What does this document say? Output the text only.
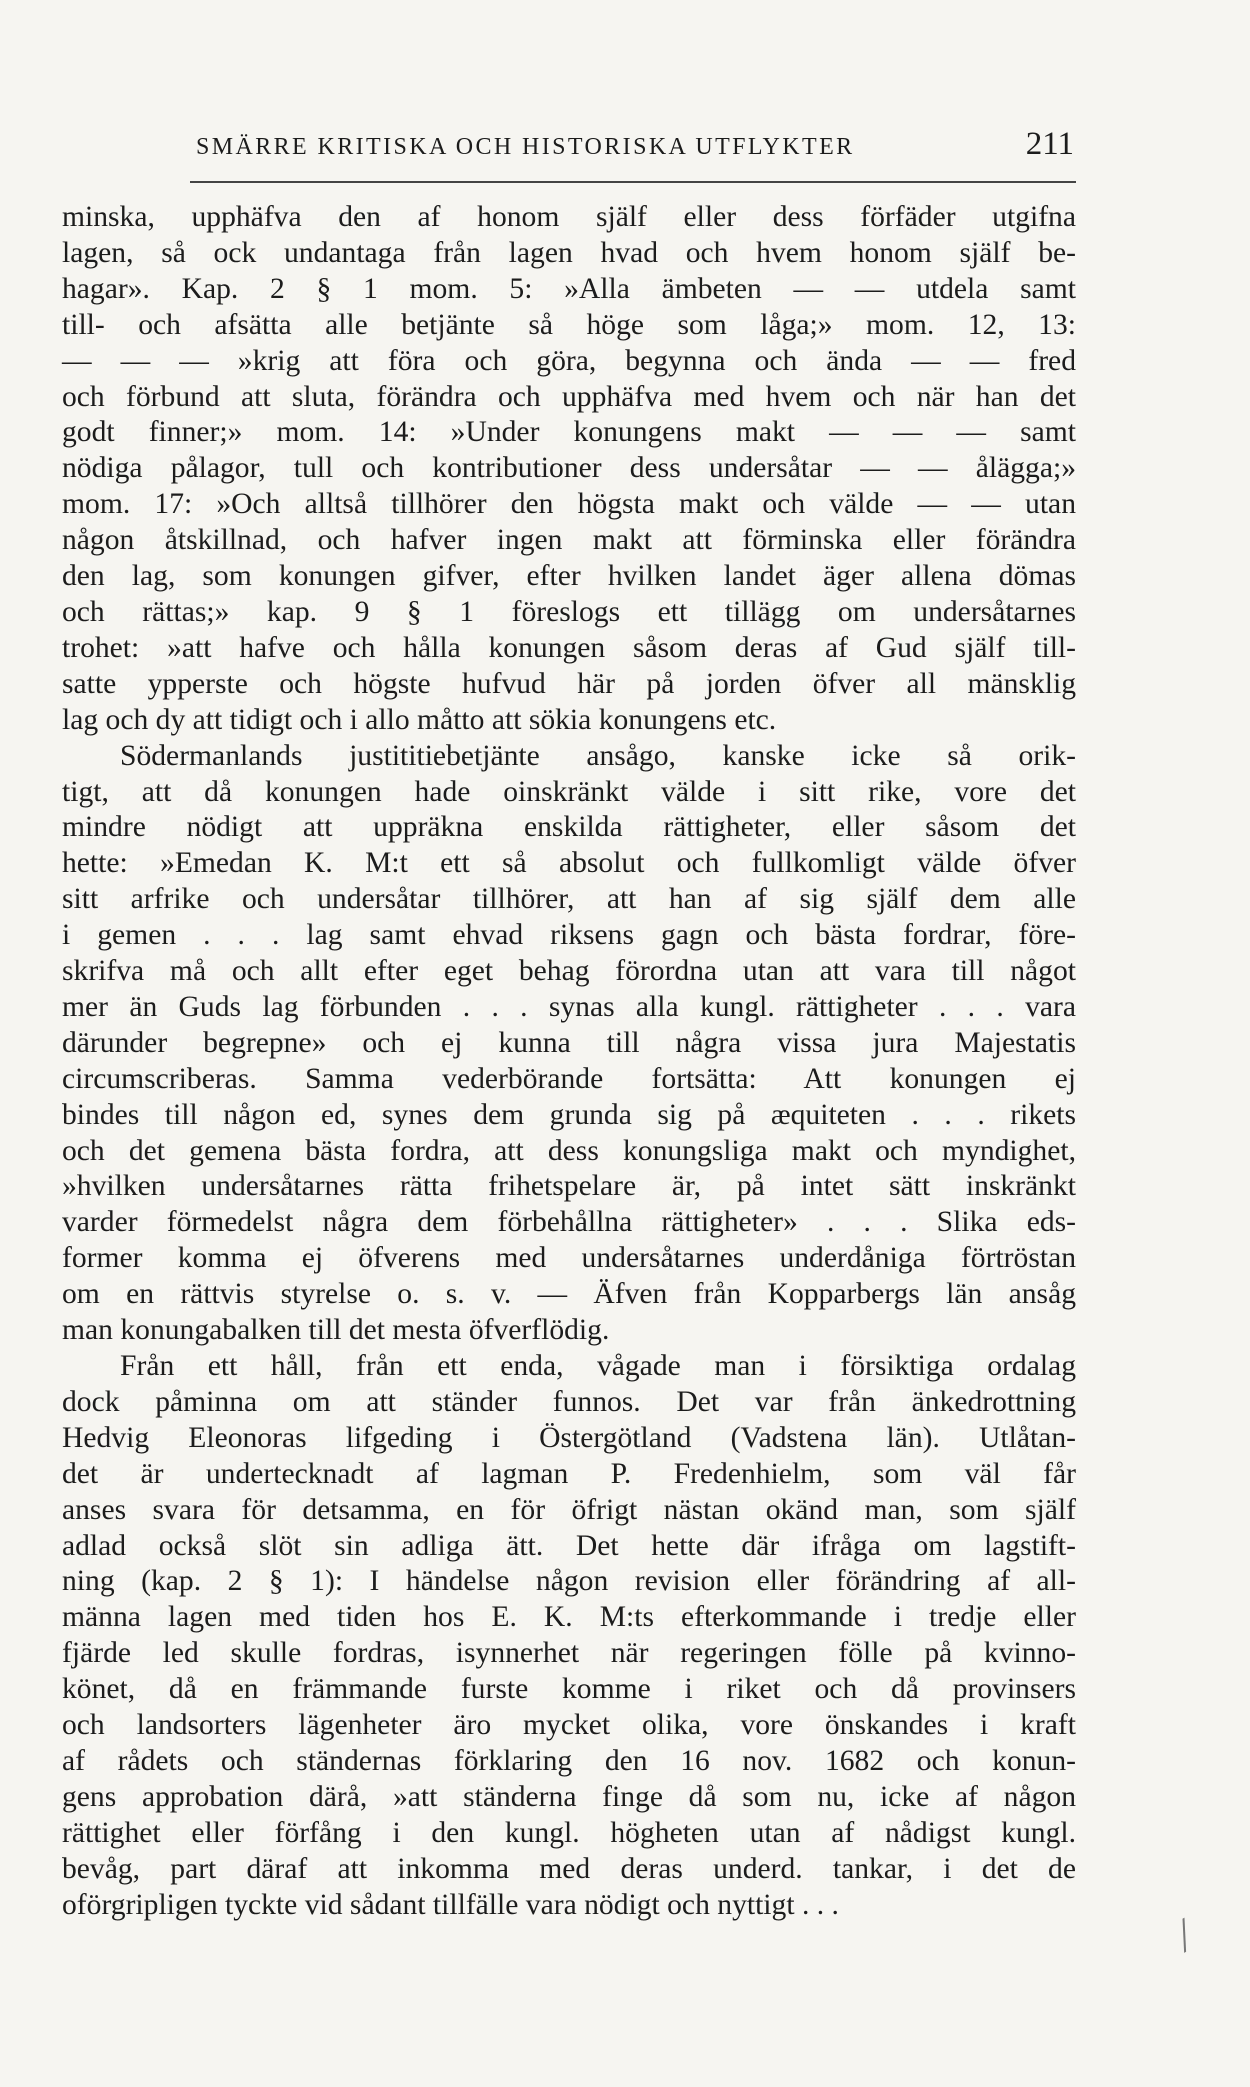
SMÄRRE KRITISKA OCH HISTORISKA UTFLYKTER	211
minska, upphäfva den af honom själf eller dess förfäder utgifna
lagen, så ock undantaga från lagen hvad och hvem honom själf be-
hagar». Kap. 2 § 1 mom. 5: »Alla ämbeten — — utdela samt
till- och afsätta alle betjänte så höge som låga;» mom. 12, 13:
— — — »krig att föra och göra, begynna och ända — — fred
och förbund att sluta, förändra och upphäfva med hvem och när han det
godt finner;» mom. 14: »Under konungens makt — — — samt
nödiga pålagor, tull och kontributioner dess undersåtar — — ålägga;»
mom. 17: »Och alltså tillhörer den högsta makt och välde — — utan
någon åtskillnad, och hafver ingen makt att förminska eller förändra
den lag, som konungen gifver, efter hvilken landet äger allena dömas
och rättas;» kap. 9 § 1 föreslogs ett tillägg om undersåtarnes
trohet: »att hafve och hålla konungen såsom deras af Gud själf till-
satte ypperste och högste hufvud här på jorden öfver all mänsklig
lag och dy att tidigt och i allo måtto att sökia konungens etc.
Södermanlands justititiebetjänte ansågo, kanske icke så orik-
tigt, att då konungen hade oinskränkt välde i sitt rike, vore det
mindre nödigt att uppräkna enskilda rättigheter, eller såsom det
hette: »Emedan K. M:t ett så absolut och fullkomligt välde öfver
sitt arfrike och undersåtar tillhörer, att han af sig själf dem alle
i gemen . . . lag samt ehvad riksens gagn och bästa fordrar, före-
skrifva må och allt efter eget behag förordna utan att vara till något
mer än Guds lag förbunden . . . synas alla kungl. rättigheter . . . vara
därunder begrepne» och ej kunna till några vissa jura Majestatis
circumscriberas. Samma vederbörande fortsätta: Att konungen ej
bindes till någon ed, synes dem grunda sig på æquiteten . . . rikets
och det gemena bästa fordra, att dess konungsliga makt och myndighet,
»hvilken undersåtarnes rätta frihetspelare är, på intet sätt inskränkt
varder förmedelst några dem förbehållna rättigheter» . . . Slika eds-
former komma ej öfverens med undersåtarnes underdåniga förtröstan
om en rättvis styrelse o. s. v. — Äfven från Kopparbergs län ansåg
man konungabalken till det mesta öfverflödig.
Från ett håll, från ett enda, vågade man i försiktiga ordalag
dock påminna om att ständer funnos. Det var från änkedrottning
Hedvig Eleonoras lifgeding i Östergötland (Vadstena län). Utlåtan-
det är undertecknadt af lagman P. Fredenhielm, som väl får
anses svara för detsamma, en för öfrigt nästan okänd man, som själf
adlad också slöt sin adliga ätt. Det hette där ifråga om lagstift-
ning (kap. 2 § 1): I händelse någon revision eller förändring af all-
männa lagen med tiden hos E. K. M:ts efterkommande i tredje eller
fjärde led skulle fordras, isynnerhet när regeringen fölle på kvinno-
könet, då en främmande furste komme i riket och då provinsers
och landsorters lägenheter äro mycket olika, vore önskandes i kraft
af rådets och ständernas förklaring den 16 nov. 1682 och konun-
gens approbation därå, »att ständerna finge då som nu, icke af någon
rättighet eller förfång i den kungl. högheten utan af nådigst kungl.
bevåg, part däraf att inkomma med deras underd. tankar, i det de
oförgripligen tyckte vid sådant tillfälle vara nödigt och nyttigt . . .
╱
